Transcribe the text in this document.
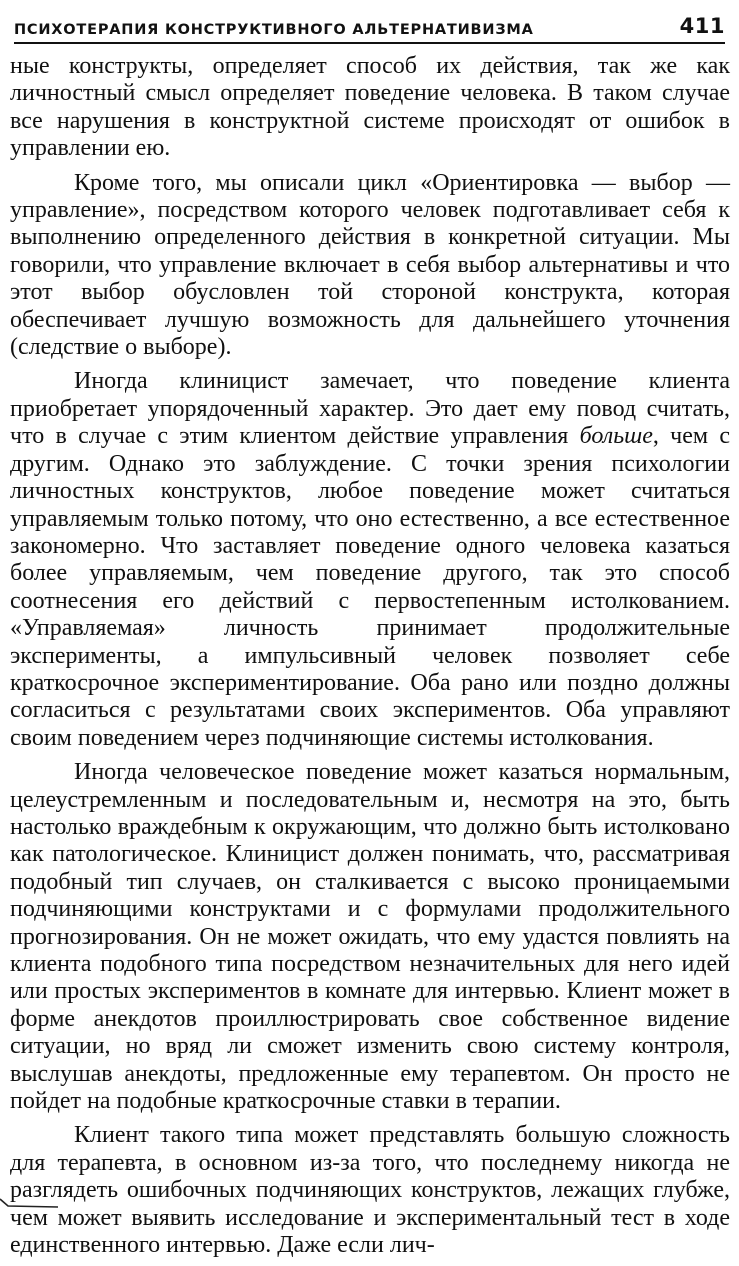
ПСИХОТЕРАПИЯ КОНСТРУКТИВНОГО АЛЬТЕРНАТИВИЗМА	411

ные конструкты, определяет способ их действия, так же как личностный смысл определяет поведение человека. В таком случае все нарушения в конструктной системе происходят от ошибок в управлении ею.

Кроме того, мы описали цикл «Ориентировка — выбор — управление», посредством которого человек подготавливает себя к выполнению определенного действия в конкретной ситуации. Мы говорили, что управление включает в себя выбор альтернативы и что этот выбор обусловлен той стороной конструкта, которая обеспечивает лучшую возможность для дальнейшего уточнения (следствие о выборе).

Иногда клиницист замечает, что поведение клиента приобретает упорядоченный характер. Это дает ему повод считать, что в случае с этим клиентом действие управления больше, чем с другим. Однако это заблуждение. С точки зрения психологии личностных конструктов, любое поведение может считаться управляемым только потому, что оно естественно, а все естественное закономерно. Что заставляет поведение одного человека казаться более управляемым, чем поведение другого, так это способ соотнесения его действий с первостепенным истолкованием. «Управляемая» личность принимает продолжительные эксперименты, а импульсивный человек позволяет себе краткосрочное экспериментирование. Оба рано или поздно должны согласиться с результатами своих экспериментов. Оба управляют своим поведением через подчиняющие системы истолкования.

Иногда человеческое поведение может казаться нормальным, целеустремленным и последовательным и, несмотря на это, быть настолько враждебным к окружающим, что должно быть истолковано как патологическое. Клиницист должен понимать, что, рассматривая подобный тип случаев, он сталкивается с высоко проницаемыми подчиняющими конструктами и с формулами продолжительного прогнозирования. Он не может ожидать, что ему удастся повлиять на клиента подобного типа посредством незначительных для него идей или простых экспериментов в комнате для интервью. Клиент может в форме анекдотов проиллюстрировать свое собственное видение ситуации, но вряд ли сможет изменить свою систему контроля, выслушав анекдоты, предложенные ему терапевтом. Он просто не пойдет на подобные краткосрочные ставки в терапии.

Клиент такого типа может представлять большую сложность для терапевта, в основном из-за того, что последнему никогда не разглядеть ошибочных подчиняющих конструктов, лежащих глубже, чем может выявить исследование и экспериментальный тест в ходе единственного интервью. Даже если лич-
